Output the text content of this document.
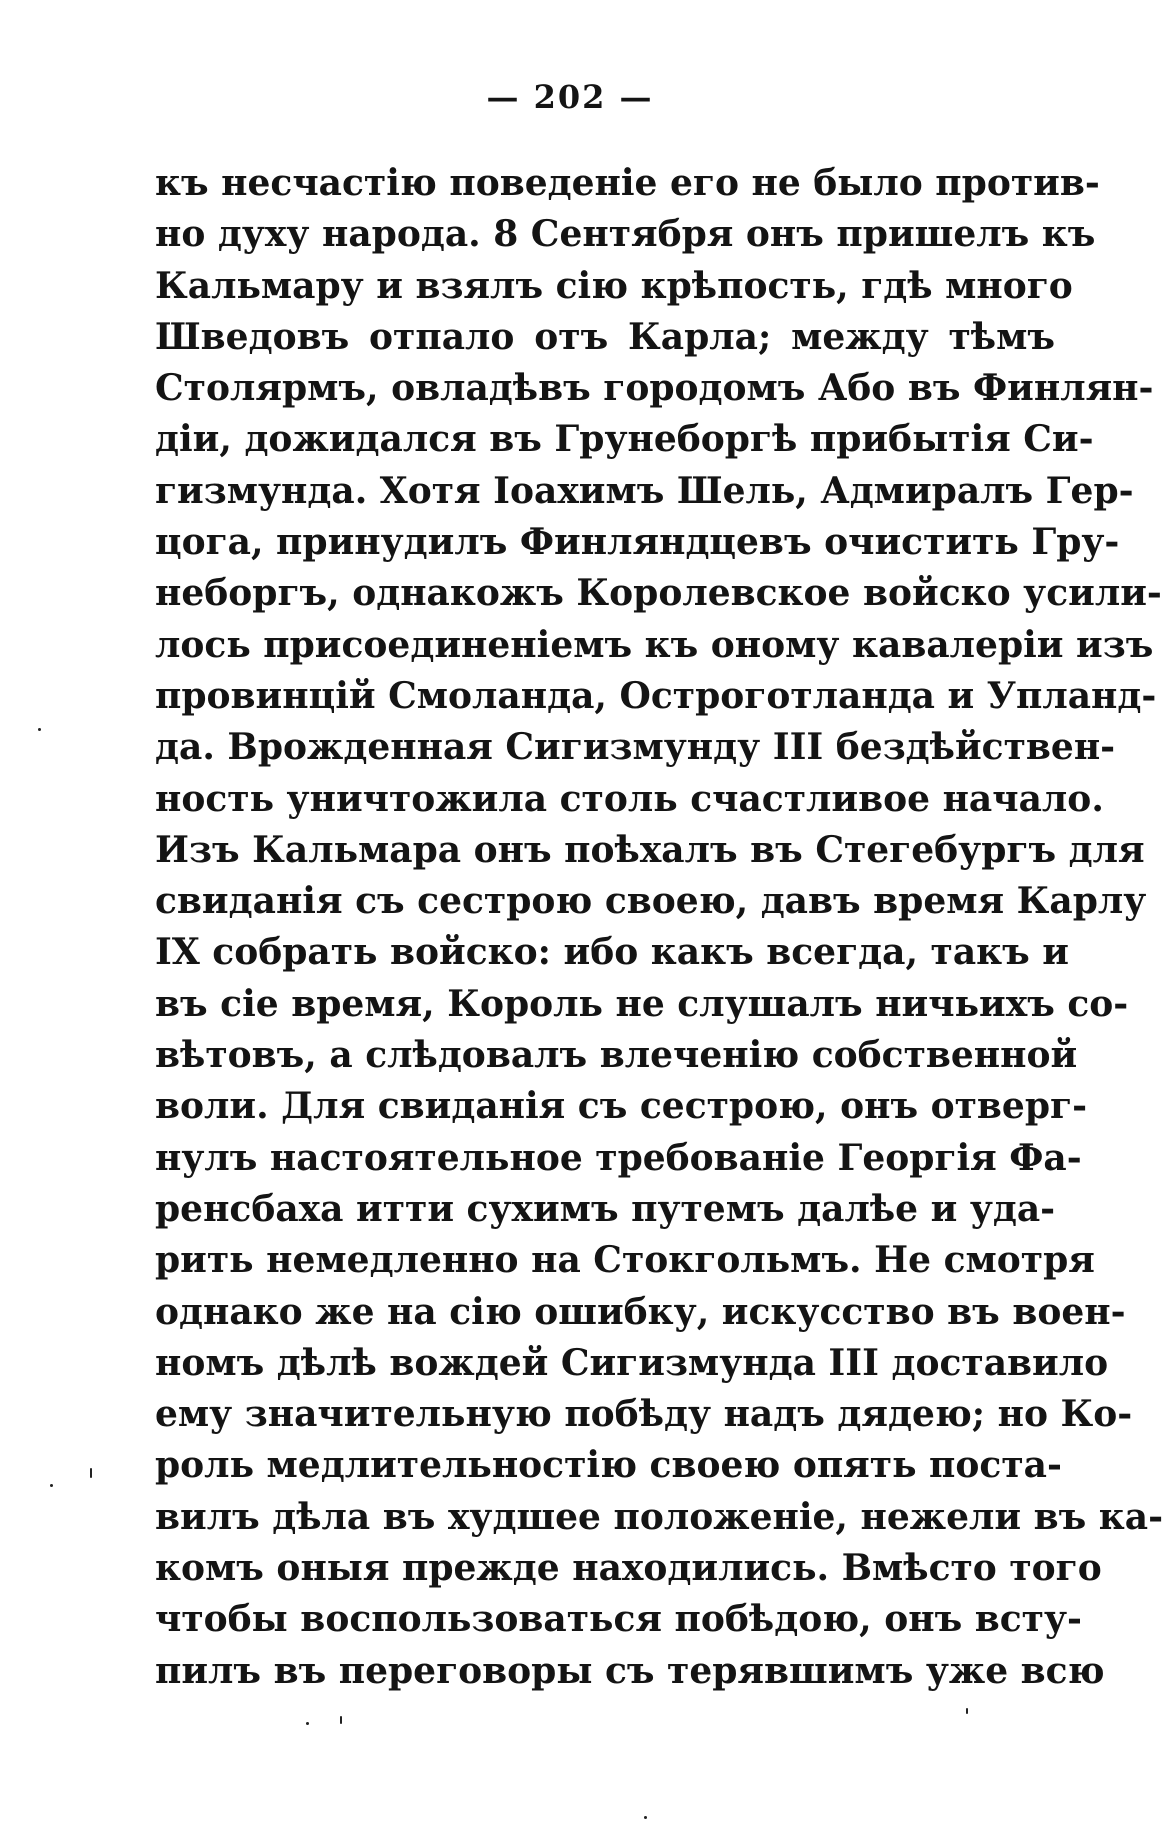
— 202 —
къ несчастію поведеніе его не было против-
но духу народа. 8 Сентября онъ пришелъ къ
Кальмару и взялъ сію крѣпость, гдѣ много
Шведовъ отпало отъ Карла; между тѣмъ
Столярмъ, овладѣвъ городомъ Або въ Финлян-
діи, дожидался въ Грунеборгѣ прибытія Си-
гизмунда. Хотя Іоахимъ Шель, Адмиралъ Гер-
цога, принудилъ Финляндцевъ очистить Гру-
неборгъ, однакожъ Королевское войско усили-
лось присоединеніемъ къ оному кавалеріи изъ
провинцій Смоланда, Остроготланда и Упланд-
да. Врожденная Сигизмунду III бездѣйствен-
ность уничтожила столь счастливое начало.
Изъ Кальмара онъ поѣхалъ въ Стегебургъ для
свиданія съ сестрою своею, давъ время Карлу
IX собрать войско: ибо какъ всегда, такъ и
въ сіе время, Король не слушалъ ничьихъ со-
вѣтовъ, а слѣдовалъ влеченію собственной
воли. Для свиданія съ сестрою, онъ отверг-
нулъ настоятельное требованіе Георгія Фа-
ренсбаха итти сухимъ путемъ далѣе и уда-
рить немедленно на Стокгольмъ. Не смотря
однако же на сію ошибку, искусство въ воен-
номъ дѣлѣ вождей Сигизмунда III доставило
ему значительную побѣду надъ дядею; но Ко-
роль медлительностію своею опять поста-
вилъ дѣла въ худшее положеніе, нежели въ ка-
комъ оныя прежде находились. Вмѣсто того
чтобы воспользоваться побѣдою, онъ всту-
пилъ въ переговоры съ терявшимъ уже всю
